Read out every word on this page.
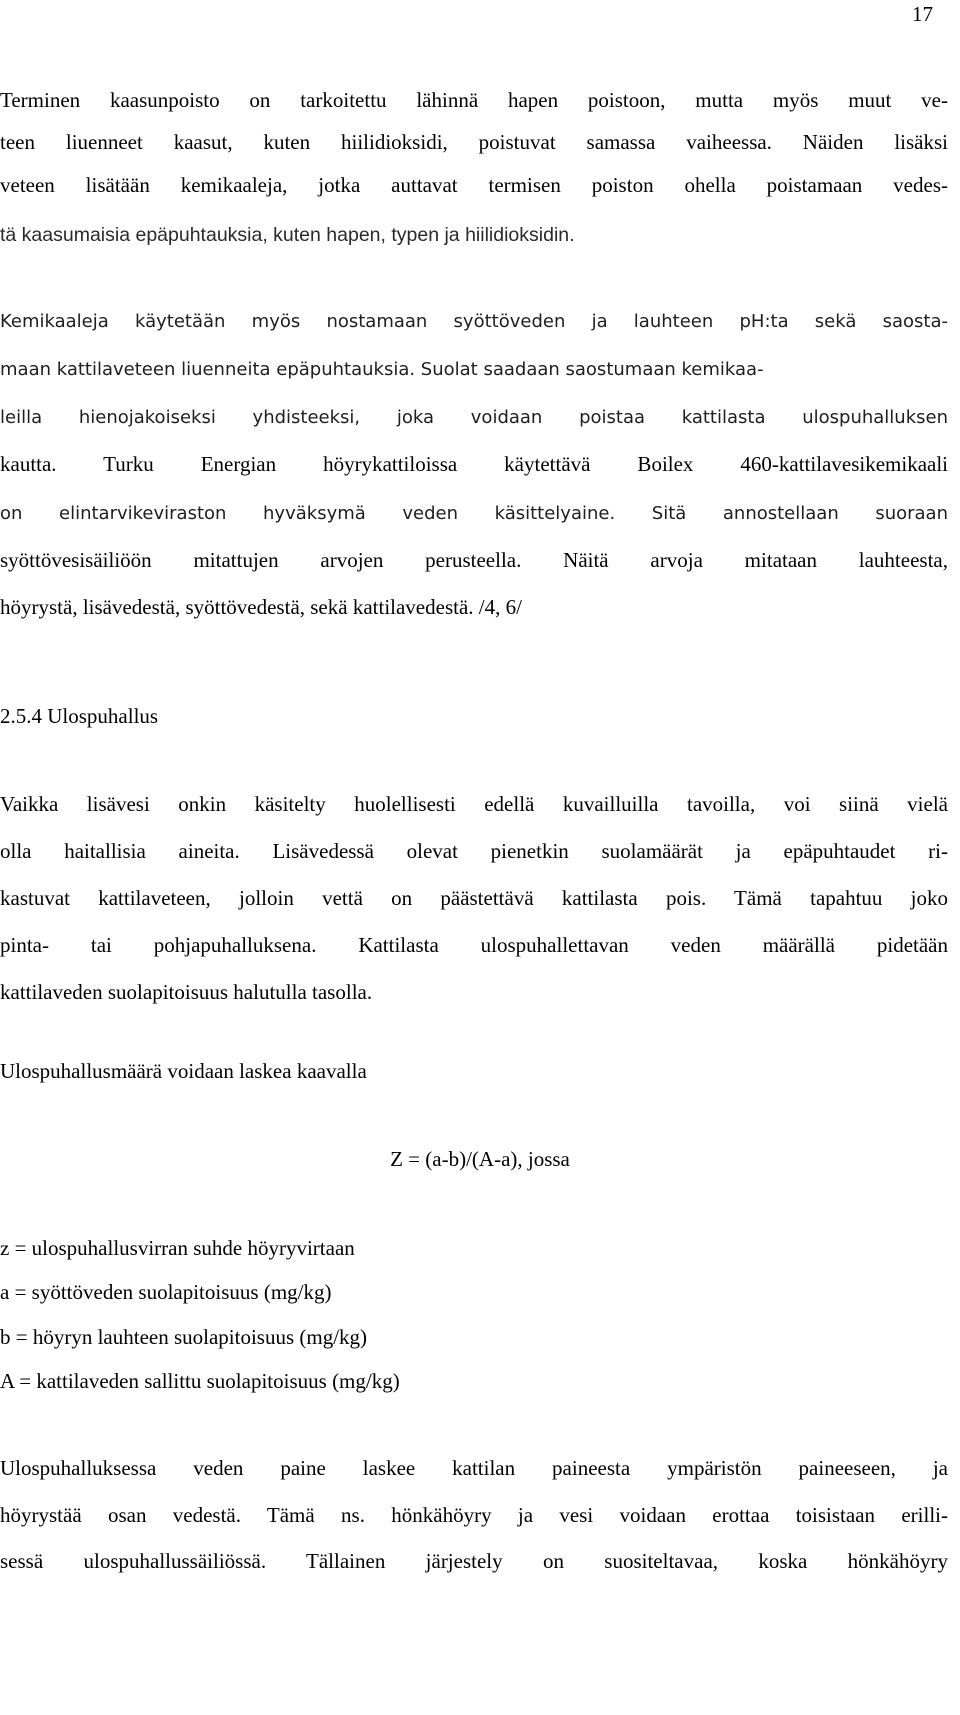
17
Terminen kaasunpoisto on tarkoitettu lähinnä hapen poistoon, mutta myös muut ve-
teen liuenneet kaasut, kuten hiilidioksidi, poistuvat samassa vaiheessa. Näiden lisäksi
veteen lisätään kemikaaleja, jotka auttavat termisen poiston ohella poistamaan vedes-
tä kaasumaisia epäpuhtauksia, kuten hapen, typen ja hiilidioksidin.
Kemikaaleja käytetään myös nostamaan syöttöveden ja lauhteen pH:ta sekä saosta-
maan kattilaveteen liuenneita epäpuhtauksia. Suolat saadaan saostumaan kemikaa-
leilla hienojakoiseksi yhdisteeksi, joka voidaan poistaa kattilasta ulospuhalluksen
kautta. Turku Energian höyrykattiloissa käytettävä Boilex 460-kattilavesikemikaali
on elintarvikeviraston hyväksymä veden käsittelyaine. Sitä annostellaan suoraan
syöttövesisäiliöön mitattujen arvojen perusteella. Näitä arvoja mitataan lauhteesta,
höyrystä, lisävedestä, syöttövedestä, sekä kattilavedestä. /4, 6/
2.5.4 Ulospuhallus
Vaikka lisävesi onkin käsitelty huolellisesti edellä kuvailluilla tavoilla, voi siinä vielä
olla haitallisia aineita. Lisävedessä olevat pienetkin suolamäärät ja epäpuhtaudet ri-
kastuvat kattilaveteen, jolloin vettä on päästettävä kattilasta pois. Tämä tapahtuu joko
pinta- tai pohjapuhalluksena. Kattilasta ulospuhallettavan veden määrällä pidetään
kattilaveden suolapitoisuus halutulla tasolla.
Ulospuhallusmäärä voidaan laskea kaavalla
Z = (a-b)/(A-a), jossa
z = ulospuhallusvirran suhde höyryvirtaan
a = syöttöveden suolapitoisuus (mg/kg)
b = höyryn lauhteen suolapitoisuus (mg/kg)
A = kattilaveden sallittu suolapitoisuus (mg/kg)
Ulospuhalluksessa veden paine laskee kattilan paineesta ympäristön paineeseen, ja
höyrystää osan vedestä. Tämä ns. hönkähöyry ja vesi voidaan erottaa toisistaan erilli-
sessä ulospuhallussäiliössä. Tällainen järjestely on suositeltavaa, koska hönkähöyry
